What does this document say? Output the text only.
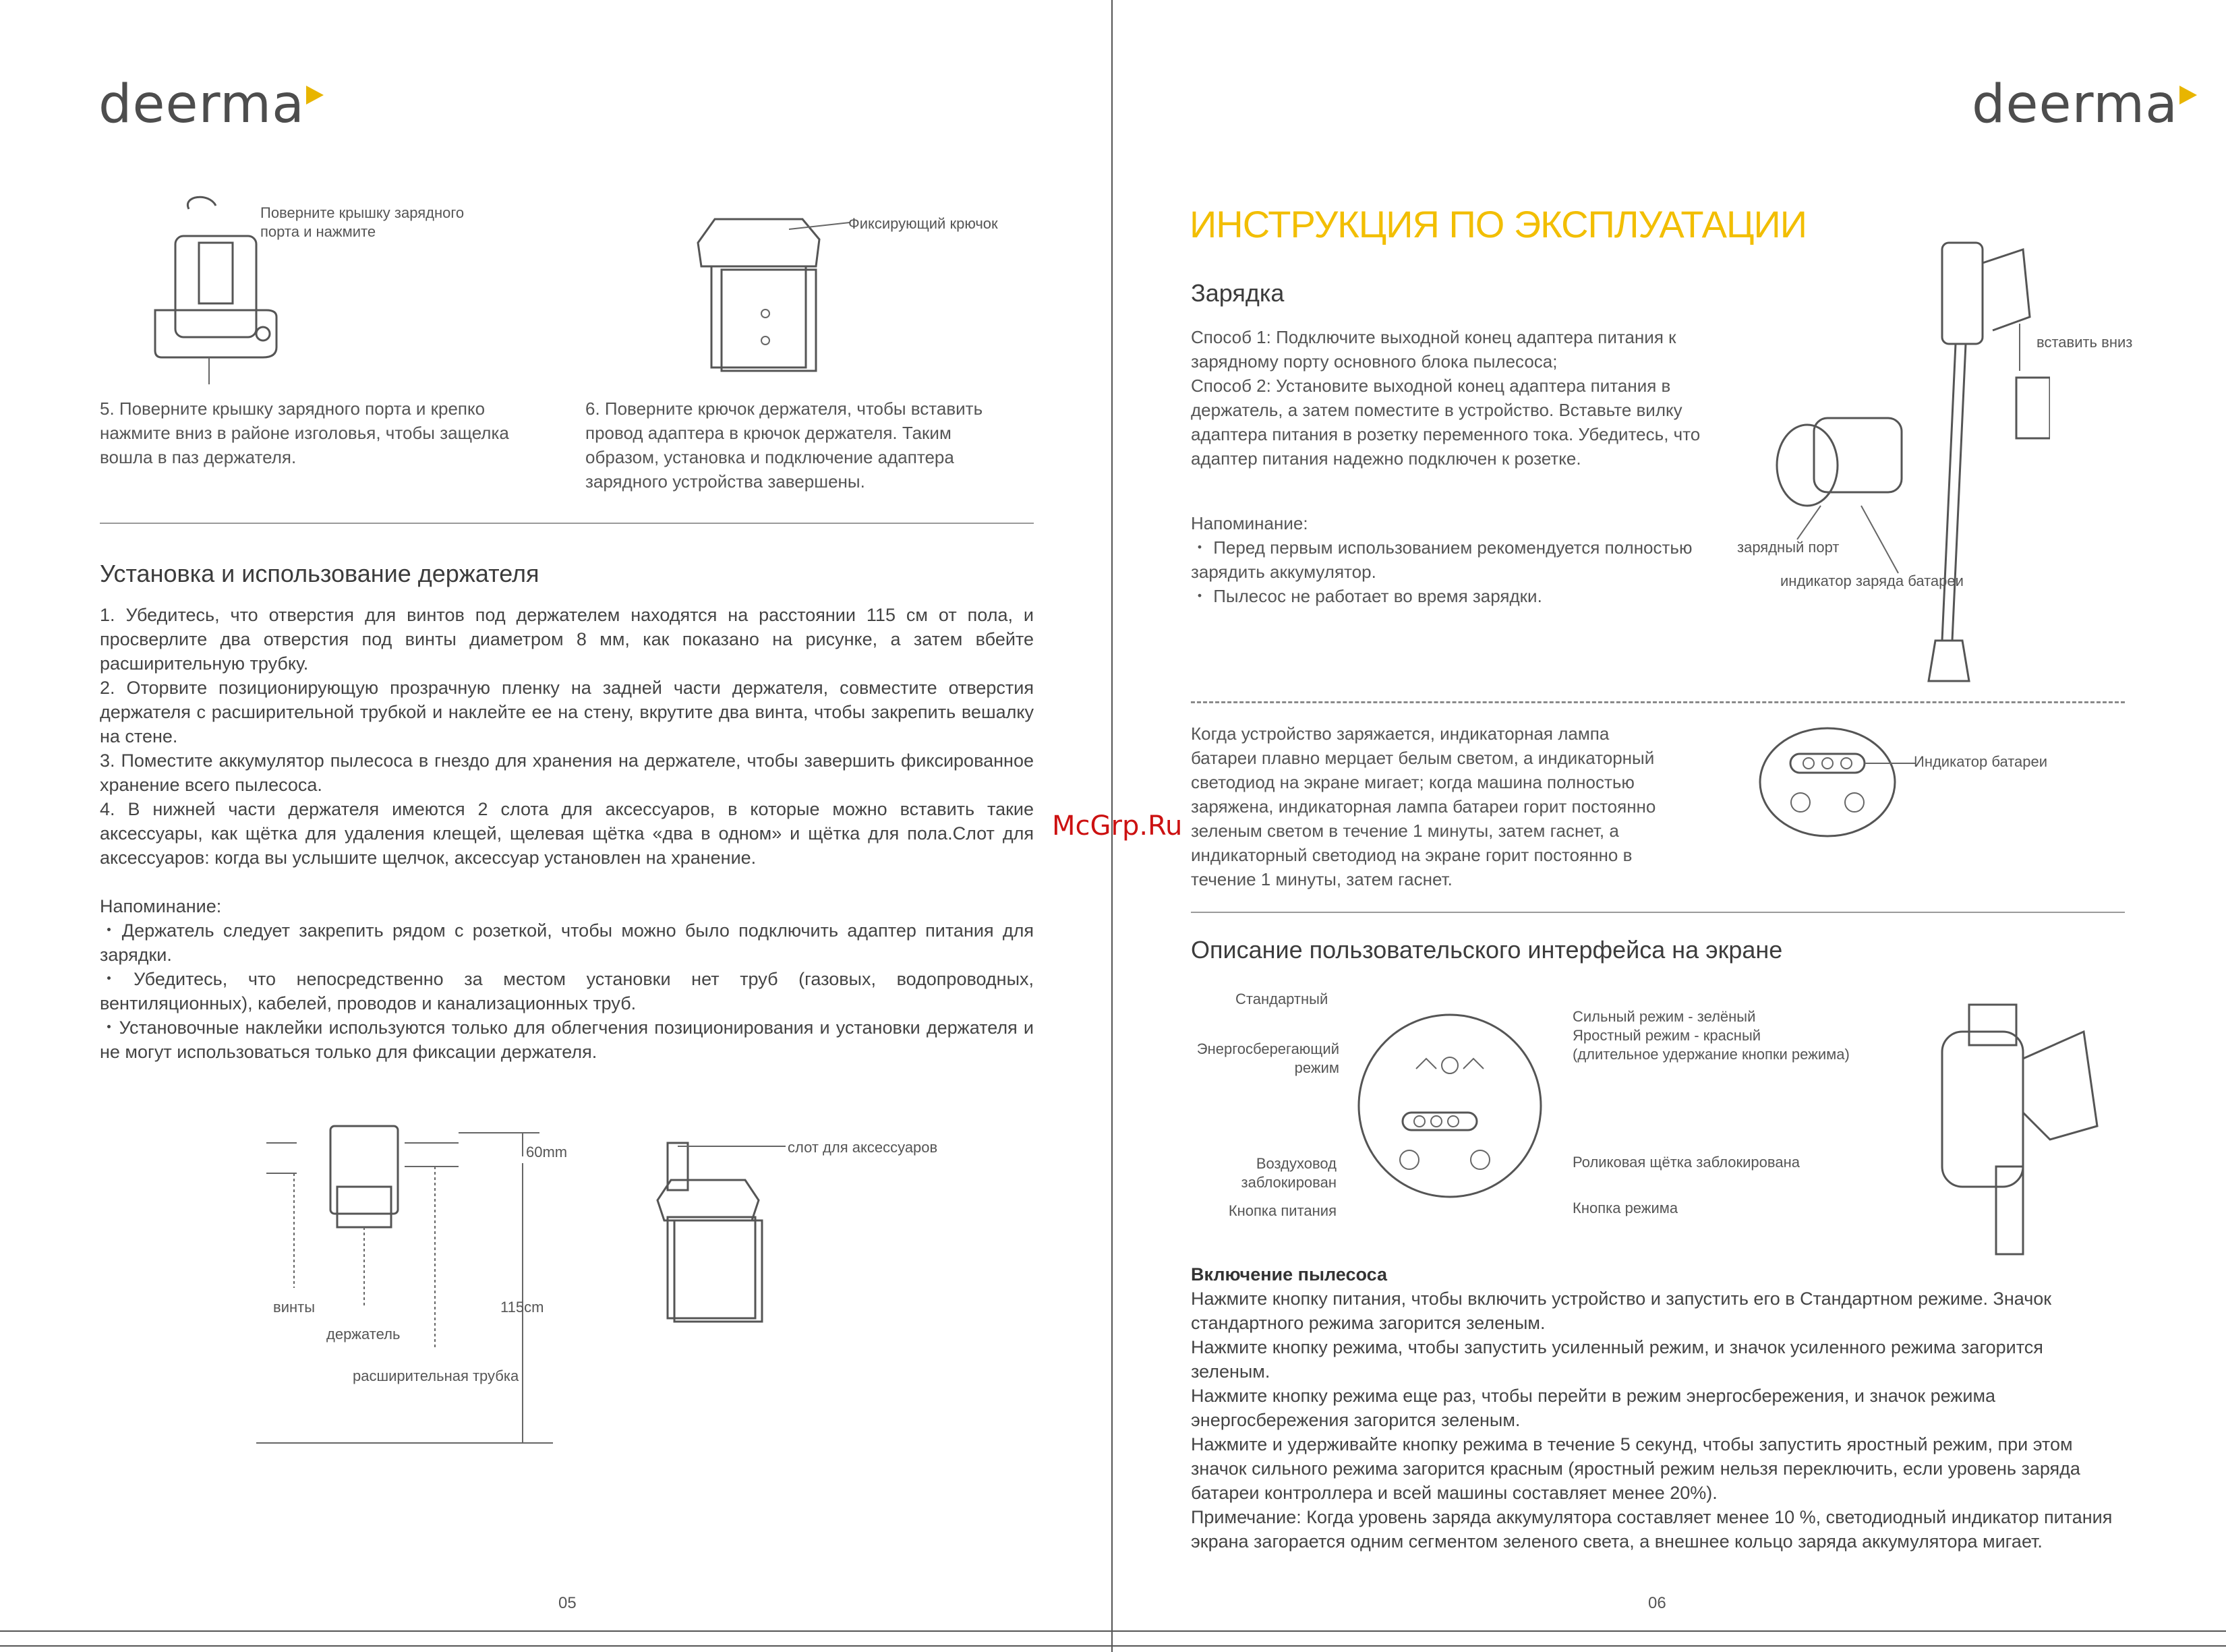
deerma
Поверните крышку зарядного
порта и нажмите	Фиксирующий крючок
5. Поверните крышку зарядного порта и крепко нажмите вниз в районе изголовья, чтобы защелка вошла в паз держателя.
6. Поверните крючок держателя, чтобы вставить провод адаптера в крючок держателя. Таким образом, установка и подключение адаптера зарядного устройства завершены.
Установка и использование держателя
1. Убедитесь, что отверстия для винтов под держателем находятся на расстоянии 115 см от пола, и просверлите два отверстия под винты диаметром 8 мм, как показано на рисунке, а затем вбейте расширительную трубку.
2. Оторвите позиционирующую прозрачную пленку на задней части держателя, совместите отверстия держателя с расширительной трубкой и наклейте ее на стену, вкрутите два винта, чтобы закрепить вешалку на стене.
3. Поместите аккумулятор пылесоса в гнездо для хранения на держателе, чтобы завершить фиксированное хранение всего пылесоса.
4. В нижней части держателя имеются 2 слота для аксессуаров, в которые можно вставить такие аксессуары, как щётка для удаления клещей, щелевая щётка «два в одном» и щётка для пола.Слот для аксессуаров: когда вы услышите щелчок, аксессуар установлен на хранение.
Напоминание:
・Держатель следует закрепить рядом с розеткой, чтобы можно было подключить адаптер питания для зарядки.
・Убедитесь, что непосредственно за местом установки нет труб (газовых, водопроводных, вентиляционных), кабелей, проводов и канализационных труб.
・Установочные наклейки используются только для облегчения позиционирования и установки держателя и не могут использоваться только для фиксации держателя.
60mm
115cm
винты
держатель
расширительная трубка
слот для аксессуаров
05
McGrp.Ru
deerma
ИНСТРУКЦИЯ ПО ЭКСПЛУАТАЦИИ
Зарядка
Способ 1: Подключите выходной конец адаптера питания к зарядному порту основного блока пылесоса;
Способ 2: Установите выходной конец адаптера питания в держатель, а затем поместите в устройство. Вставьте вилку адаптера питания в розетку переменного тока. Убедитесь, что адаптер питания надежно подключен к розетке.
Напоминание:
・ Перед первым использованием рекомендуется полностью зарядить аккумулятор.
・ Пылесос не работает во время зарядки.
вставить вниз
зарядный порт
индикатор заряда батареи
Когда устройство заряжается, индикаторная лампа батареи плавно мерцает белым светом, а индикаторный светодиод на экране мигает; когда машина полностью заряжена, индикаторная лампа батареи горит постоянно зеленым светом в течение 1 минуты, затем гаснет, а индикаторный светодиод на экране горит постоянно в течение 1 минуты, затем гаснет.
Индикатор батареи
Описание пользовательского интерфейса на экране
Стандартный
Энергосберегающий
режим
Воздуховод
заблокирован
Кнопка питания
Сильный режим - зелёный
Яростный режим - красный
(длительное удержание кнопки режима)
Роликовая щётка заблокирована
Кнопка режима
Включение пылесоса
Нажмите кнопку питания, чтобы включить устройство и запустить его в Стандартном режиме. Значок стандартного режима загорится зеленым.
Нажмите кнопку режима, чтобы запустить усиленный режим, и значок усиленного режима загорится зеленым.
Нажмите кнопку режима еще раз, чтобы перейти в режим энергосбережения, и значок режима энергосбережения загорится зеленым.
Нажмите и удерживайте кнопку режима в течение 5 секунд, чтобы запустить яростный режим, при этом значок сильного режима загорится красным (яростный режим нельзя переключить, если уровень заряда батареи контроллера и всей машины составляет менее 20%).
Примечание: Когда уровень заряда аккумулятора составляет менее 10 %, светодиодный индикатор питания экрана загорается одним сегментом зеленого света, а внешнее кольцо заряда аккумулятора мигает.
06
